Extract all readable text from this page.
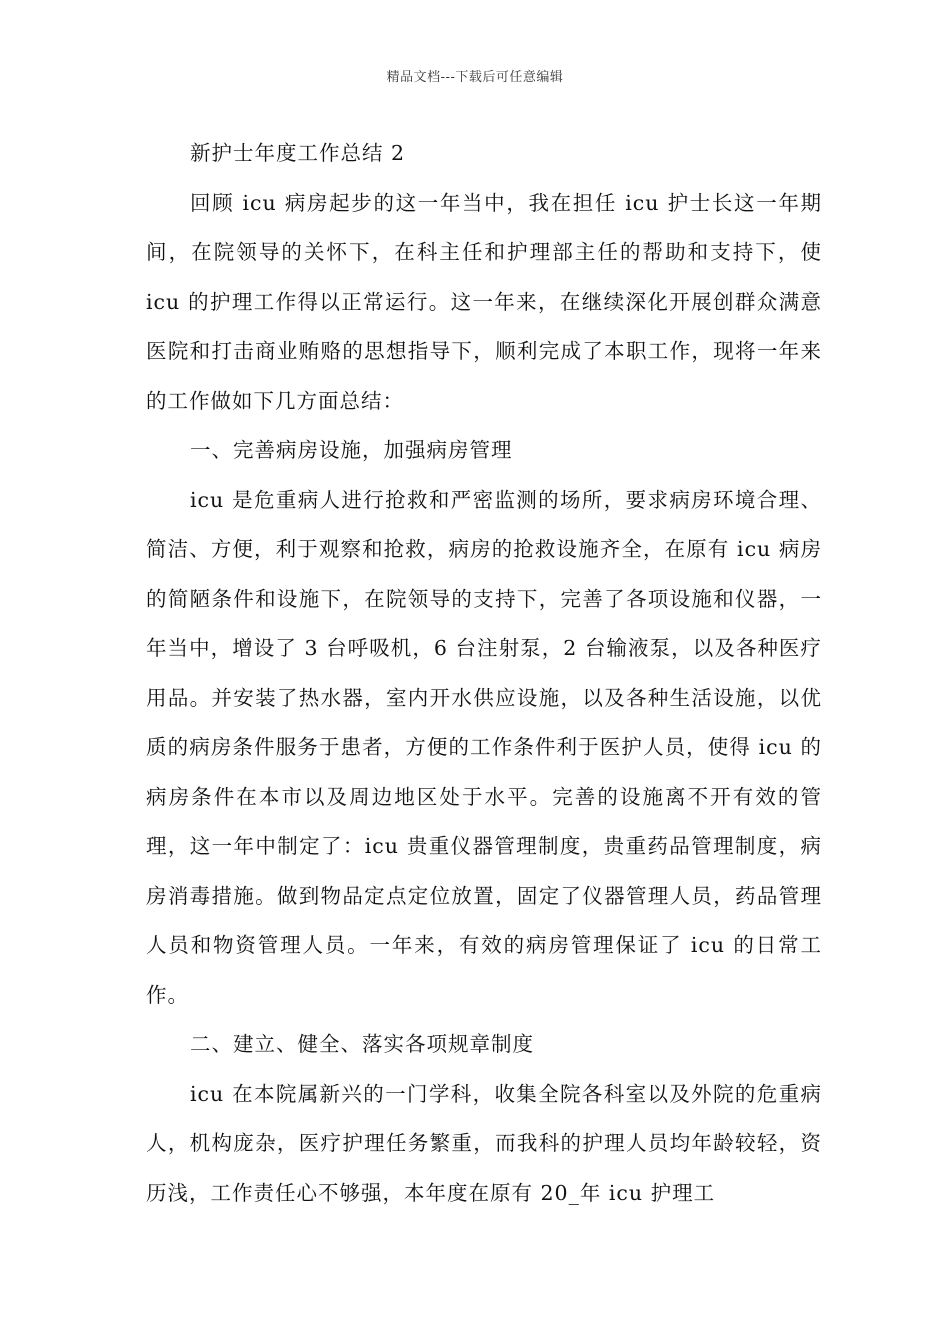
精品文档---下载后可任意编辑
新护士年度工作总结 2

回顾 icu 病房起步的这一年当中，我在担任 icu 护士长这一年期间，在院领导的关怀下，在科主任和护理部主任的帮助和支持下，使 icu 的护理工作得以正常运行。这一年来，在继续深化开展创群众满意医院和打击商业贿赂的思想指导下，顺利完成了本职工作，现将一年来的工作做如下几方面总结：

一、完善病房设施，加强病房管理

icu 是危重病人进行抢救和严密监测的场所，要求病房环境合理、简洁、方便，利于观察和抢救，病房的抢救设施齐全，在原有 icu 病房的简陋条件和设施下，在院领导的支持下，完善了各项设施和仪器，一年当中，增设了 3 台呼吸机，6 台注射泵，2 台输液泵，以及各种医疗用品。并安装了热水器，室内开水供应设施，以及各种生活设施，以优质的病房条件服务于患者，方便的工作条件利于医护人员，使得 icu 的病房条件在本市以及周边地区处于水平。完善的设施离不开有效的管理，这一年中制定了：icu 贵重仪器管理制度，贵重药品管理制度，病房消毒措施。做到物品定点定位放置，固定了仪器管理人员，药品管理人员和物资管理人员。一年来，有效的病房管理保证了 icu 的日常工作。

二、建立、健全、落实各项规章制度

icu 在本院属新兴的一门学科，收集全院各科室以及外院的危重病人，机构庞杂，医疗护理任务繁重，而我科的护理人员均年龄较轻，资历浅，工作责任心不够强，本年度在原有 20_年 icu 护理工
